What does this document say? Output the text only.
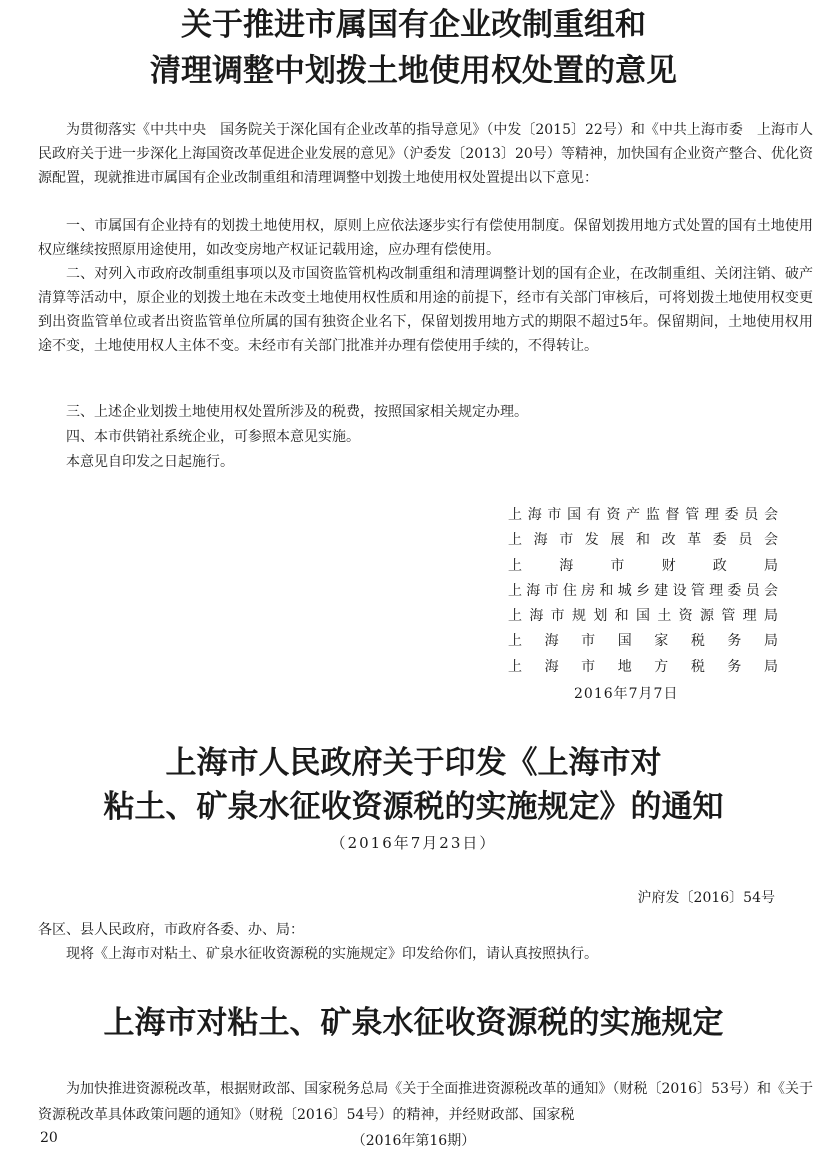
关于推进市属国有企业改制重组和
清理调整中划拨土地使用权处置的意见

为贯彻落实《中共中央　国务院关于深化国有企业改革的指导意见》（中发〔2015〕22号）和《中共上海市委　上海市人民政府关于进一步深化上海国资改革促进企业发展的意见》（沪委发〔2013〕20号）等精神，加快国有企业资产整合、优化资源配置，现就推进市属国有企业改制重组和清理调整中划拨土地使用权处置提出以下意见：

一、市属国有企业持有的划拨土地使用权，原则上应依法逐步实行有偿使用制度。保留划拨用地方式处置的国有土地使用权应继续按照原用途使用，如改变房地产权证记载用途，应办理有偿使用。

二、对列入市政府改制重组事项以及市国资监管机构改制重组和清理调整计划的国有企业，在改制重组、关闭注销、破产清算等活动中，原企业的划拨土地在未改变土地使用权性质和用途的前提下，经市有关部门审核后，可将划拨土地使用权变更到出资监管单位或者出资监管单位所属的国有独资企业名下，保留划拨用地方式的期限不超过5年。保留期间，土地使用权用途不变，土地使用权人主体不变。未经市有关部门批准并办理有偿使用手续的，不得转让。

三、上述企业划拨土地使用权处置所涉及的税费，按照国家相关规定办理。

四、本市供销社系统企业，可参照本意见实施。

本意见自印发之日起施行。

上海市国有资产监督管理委员会
上海市发展和改革委员会
上海市财政局
上海市住房和城乡建设管理委员会
上海市规划和国土资源管理局
上海市国家税务局
上海市地方税务局
2016年7月7日
上海市人民政府关于印发《上海市对
粘土、矿泉水征收资源税的实施规定》的通知
（2016年7月23日）
沪府发〔2016〕54号
各区、县人民政府，市政府各委、办、局：
现将《上海市对粘土、矿泉水征收资源税的实施规定》印发给你们，请认真按照执行。
上海市对粘土、矿泉水征收资源税的实施规定

为加快推进资源税改革，根据财政部、国家税务总局《关于全面推进资源税改革的通知》（财税〔2016〕53号）和《关于资源税改革具体政策问题的通知》（财税〔2016〕54号）的精神，并经财政部、国家税

20	（2016年第16期）
